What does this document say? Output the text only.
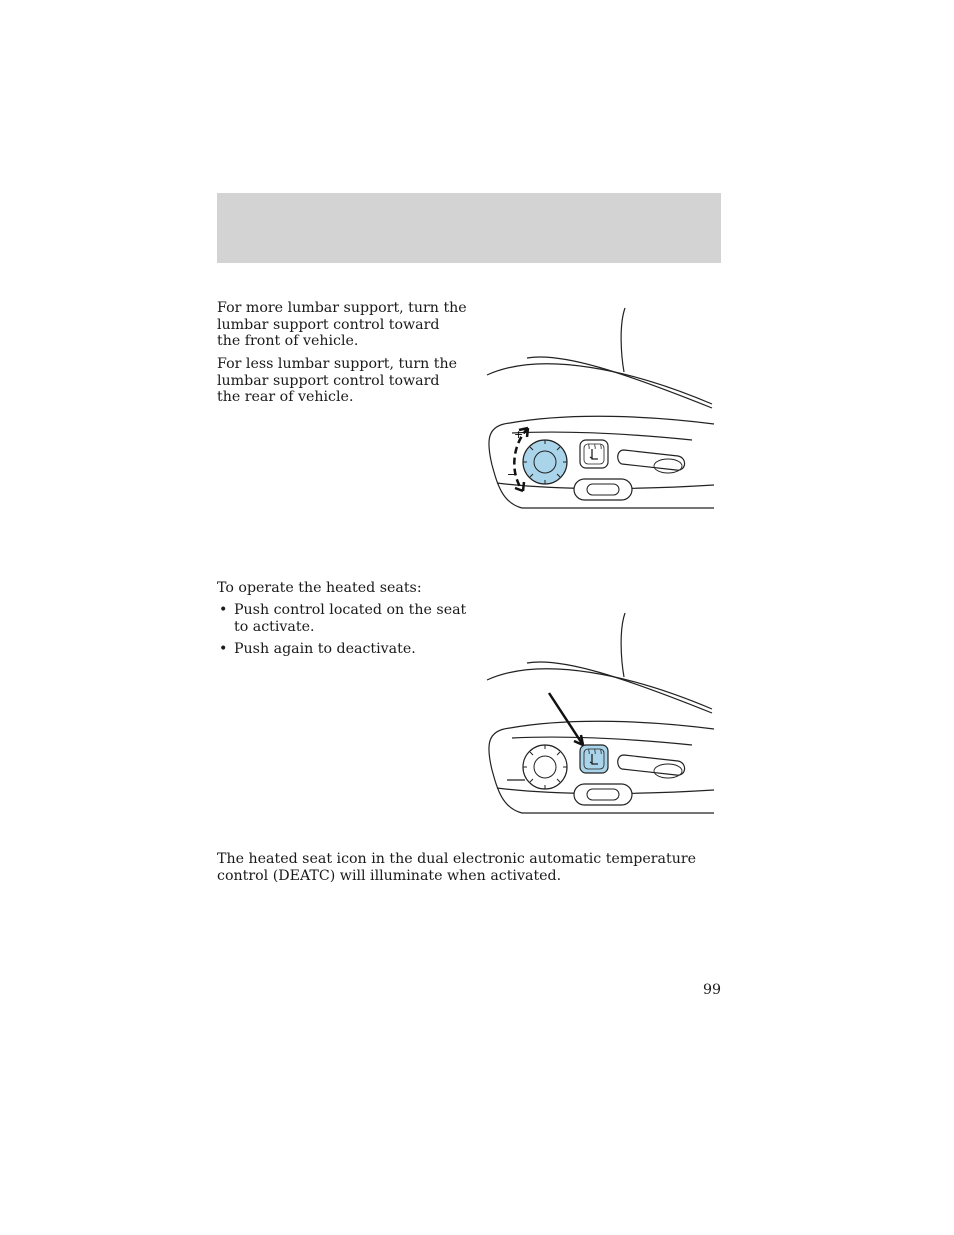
For more lumbar support, turn the lumbar support control toward the front of vehicle.

For less lumbar support, turn the lumbar support control toward the rear of vehicle.

+
−

To operate the heated seats:

• Push control located on the seat to activate.
• Push again to deactivate.

The heated seat icon in the dual electronic automatic temperature control (DEATC) will illuminate when activated.

99
